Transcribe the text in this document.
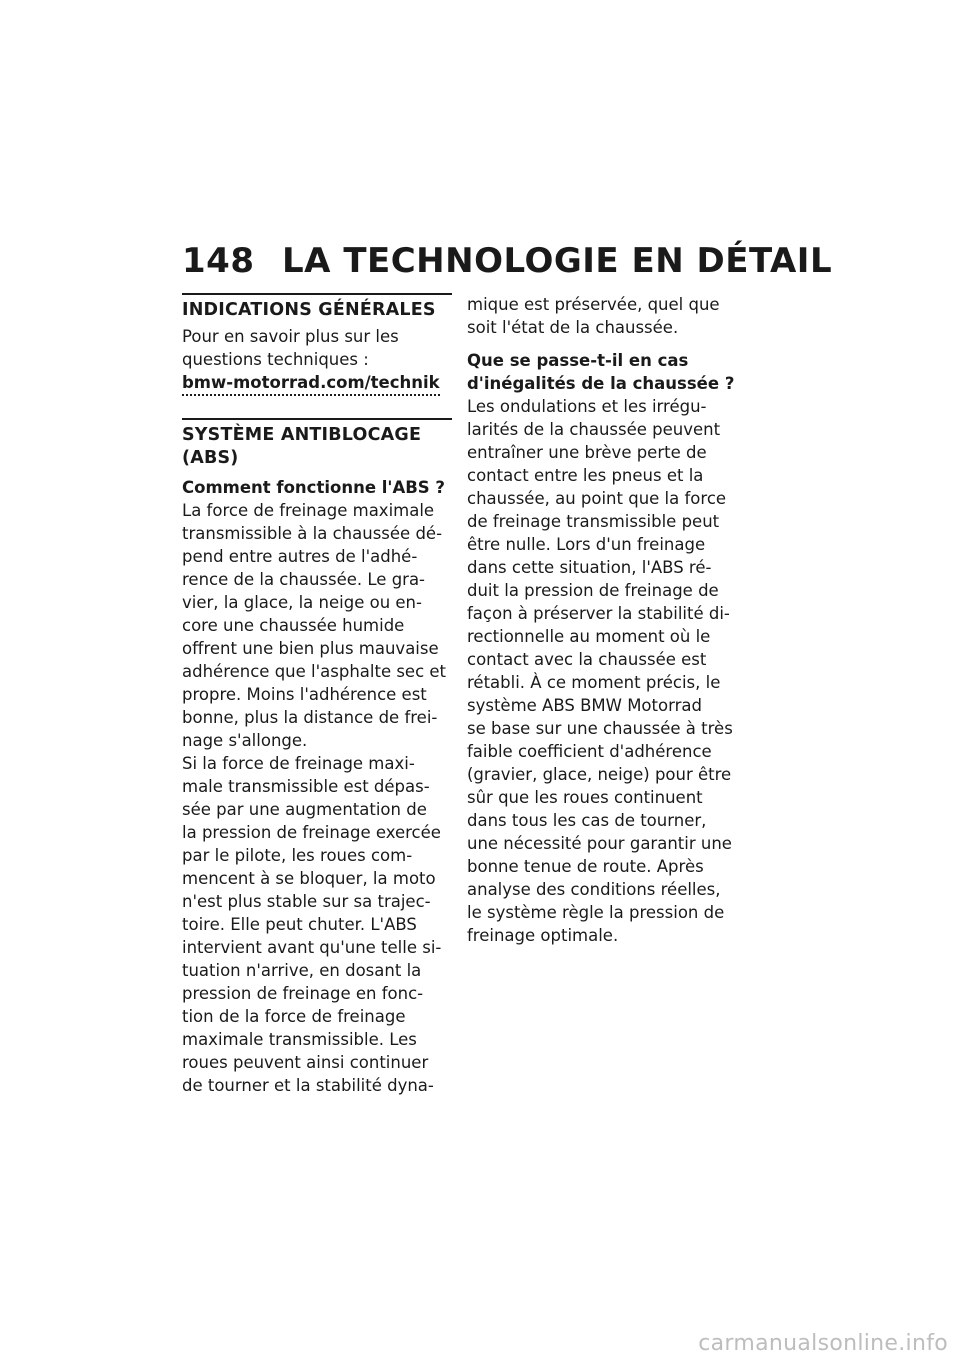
148 LA TECHNOLOGIE EN DÉTAIL
INDICATIONS GÉNÉRALES

Pour en savoir plus sur les
questions techniques :

bmw-motorrad.com/technik
SYSTÈME ANTIBLOCAGE
(ABS)
Comment fonctionne l'ABS ?

La force de freinage maximale
transmissible à la chaussée dé-
pend entre autres de l'adhé-
rence de la chaussée. Le gra-
vier, la glace, la neige ou en-
core une chaussée humide
offrent une bien plus mauvaise
adhérence que l'asphalte sec et
propre. Moins l'adhérence est
bonne, plus la distance de frei-
nage s'allonge.

Si la force de freinage maxi-
male transmissible est dépas-
sée par une augmentation de
la pression de freinage exercée
par le pilote, les roues com-
mencent à se bloquer, la moto
n'est plus stable sur sa trajec-
toire. Elle peut chuter. L'ABS
intervient avant qu'une telle si-
tuation n'arrive, en dosant la
pression de freinage en fonc-
tion de la force de freinage
maximale transmissible. Les
roues peuvent ainsi continuer
de tourner et la stabilité dyna-

mique est préservée, quel que
soit l'état de la chaussée.

Que se passe-t-il en cas
d'inégalités de la chaussée ?

Les ondulations et les irrégu-
larités de la chaussée peuvent
entraîner une brève perte de
contact entre les pneus et la
chaussée, au point que la force
de freinage transmissible peut
être nulle. Lors d'un freinage
dans cette situation, l'ABS ré-
duit la pression de freinage de
façon à préserver la stabilité di-
rectionnelle au moment où le
contact avec la chaussée est
rétabli. À ce moment précis, le
système ABS BMW Motorrad
se base sur une chaussée à très
faible coefficient d'adhérence
(gravier, glace, neige) pour être
sûr que les roues continuent
dans tous les cas de tourner,
une nécessité pour garantir une
bonne tenue de route. Après
analyse des conditions réelles,
le système règle la pression de
freinage optimale.

carmanualsonline.info
